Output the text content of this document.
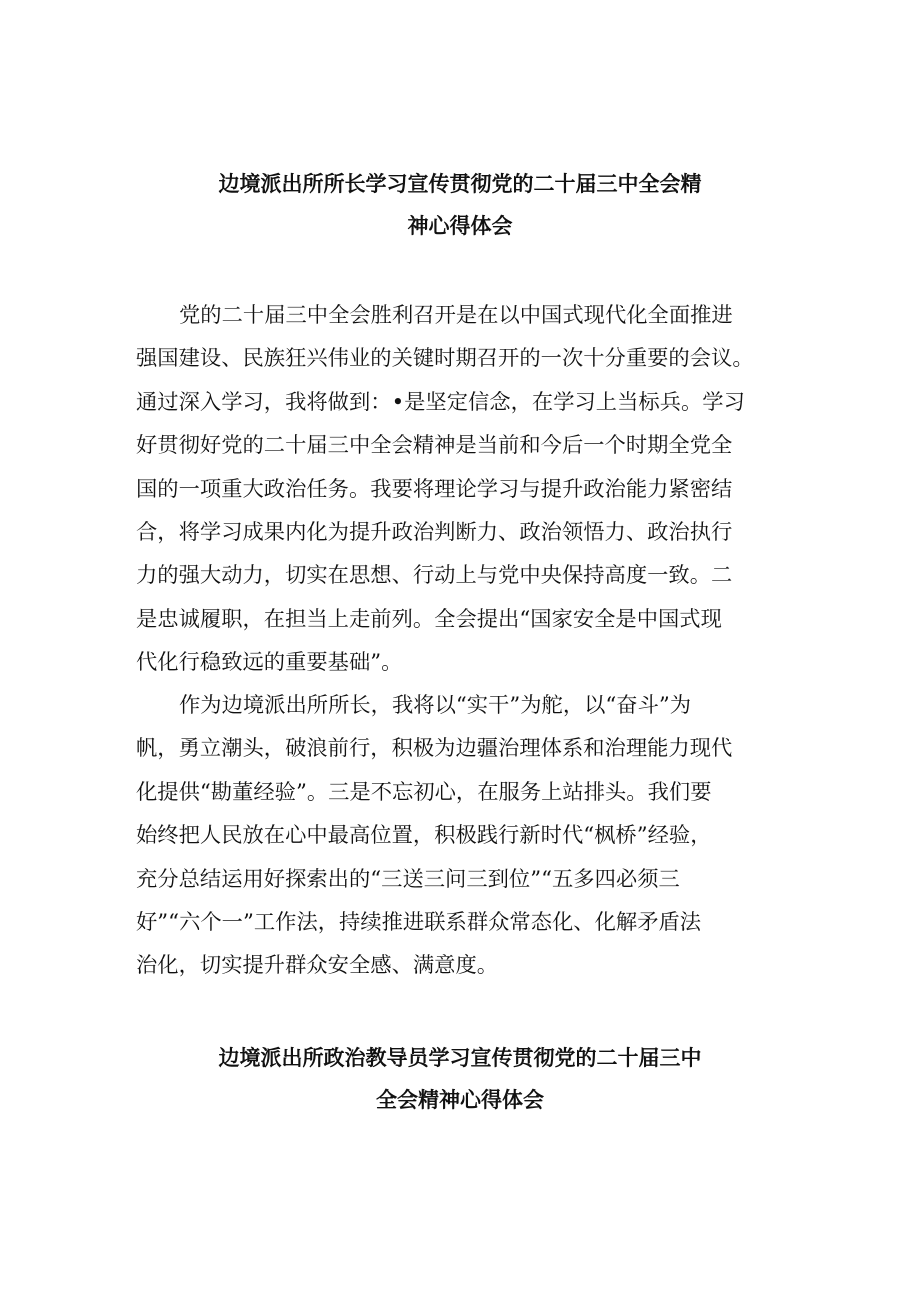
边境派出所所长学习宣传贯彻党的二十届三中全会精
神心得体会
党的二十届三中全会胜利召开是在以中国式现代化全面推进
强国建设、民族狂兴伟业的关键时期召开的一次十分重要的会议。
通过深入学习，我将做到：•是坚定信念，在学习上当标兵。学习
好贯彻好党的二十届三中全会精神是当前和今后一个时期全党全
国的一项重大政治任务。我要将理论学习与提升政治能力紧密结
合，将学习成果内化为提升政治判断力、政治领悟力、政治执行
力的强大动力，切实在思想、行动上与党中央保持高度一致。二
是忠诚履职，在担当上走前列。全会提出“国家安全是中国式现
代化行稳致远的重要基础”。
作为边境派出所所长，我将以“实干”为舵，以“奋斗”为
帆，勇立潮头，破浪前行，积极为边疆治理体系和治理能力现代
化提供“勘董经验”。三是不忘初心，在服务上站排头。我们要
始终把人民放在心中最高位置，积极践行新时代“枫桥”经验，
充分总结运用好探索出的“三送三问三到位”“五多四必须三
好”“六个一”工作法，持续推进联系群众常态化、化解矛盾法
治化，切实提升群众安全感、满意度。
边境派出所政治教导员学习宣传贯彻党的二十届三中
全会精神心得体会
